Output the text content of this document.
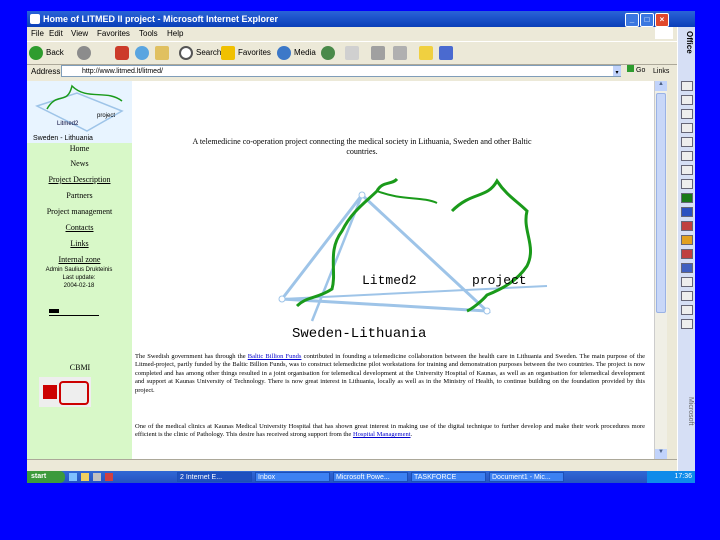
Home of LITMED II project - Microsoft Internet Explorer	_	□	×
File Edit View Favorites Tools Help
Back	Search	Favorites	Media
Address	http://www.litmed.lt/litmed/	▾	Go Links
project
Litmed2
Sweden - Lithuania
Home
News
Project Description
Partners
Project management
Contacts
Links
Internal zone
Admin Saulius Drukteinis
Last update:
2004-02-18
CBMI
A telemedicine co-operation project connecting the medical society in Lithuania, Sweden and other Baltic countries.
Litmed2	project
Sweden-Lithuania
The Swedish government has through the Baltic Billion Funds contributed in founding a telemedicine collaboration between the health care in Lithuania and Sweden. The main purpose of the Litmed-project, partly funded by the Baltic Billion Funds, was to construct telemedicine pilot workstations for training and demonstration purposes between the two countries. The project is now completed and has among other things resulted in a joint organisation for telemedical development at the University Hospital of Kaunas, as well as an organisation for telemedical development and support at Kaunas University of Technology. There is now great interest in Lithuania, locally as well as in the Ministry of Health, to continue building on the foundation provided by this project.
One of the medical clinics at Kaunas Medical University Hospital that has shown great interest in making use of the digital technique to further develop and make their work procedures more efficient is the clinic of Pathology. This desire has received strong support from the Hospital Management.
▲
▼
start	2 Internet E...	Inbox	Microsoft Powe...	TASKFORCE	Document1 - Mic...	17:36
Office
Microsoft
